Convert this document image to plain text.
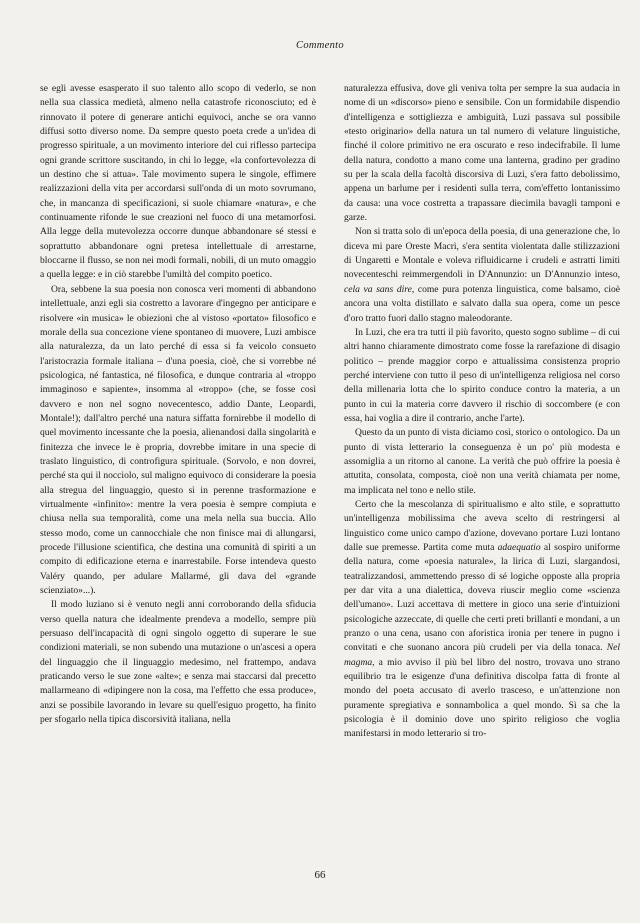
Commento

se egli avesse esasperato il suo talento allo scopo di vederlo, se non nella sua classica medietà, almeno nella catastrofe riconosciuto; ed è rinnovato il potere di generare antichi equivoci, anche se ora vanno diffusi sotto diverso nome. Da sempre questo poeta crede a un'idea di progresso spirituale, a un movimento interiore del cui riflesso partecipa ogni grande scrittore suscitando, in chi lo legge, «la confortevolezza di un destino che si attua». Tale movimento supera le singole, effimere realizzazioni della vita per accordarsi sull'onda di un moto sovrumano, che, in mancanza di specificazioni, si suole chiamare «natura», e che continuamente rifonde le sue creazioni nel fuoco di una metamorfosi. Alla legge della mutevolezza occorre dunque abbandonare sé stessi e soprattutto abbandonare ogni pretesa intellettuale di arrestarne, bloccarne il flusso, se non nei modi formali, nobili, di un muto omaggio a quella legge: e in ciò starebbe l'umiltà del compito poetico.

Ora, sebbene la sua poesia non conosca veri momenti di abbandono intellettuale, anzi egli sia costretto a lavorare d'ingegno per anticipare e risolvere «in musica» le obiezioni che al vistoso «portato» filosofico e morale della sua concezione viene spontaneo di muovere, Luzi ambisce alla naturalezza, da un lato perché di essa si fa veicolo consueto l'aristocrazia formale italiana – d'una poesia, cioè, che si vorrebbe né psicologica, né fantastica, né filosofica, e dunque contraria al «troppo immaginoso e sapiente», insomma al «troppo» (che, se fosse così davvero e non nel sogno novecentesco, addio Dante, Leopardi, Montale!); dall'altro perché una natura siffatta fornirebbe il modello di quel movimento incessante che la poesia, alienandosi dalla singolarità e finitezza che invece le è propria, dovrebbe imitare in una specie di traslato linguistico, di controfigura spirituale. (Sorvolo, e non dovrei, perché sta qui il nocciolo, sul maligno equivoco di considerare la poesia alla stregua del linguaggio, questo sì in perenne trasformazione e virtualmente «infinito»: mentre la vera poesia è sempre compiuta e chiusa nella sua temporalità, come una mela nella sua buccia. Allo stesso modo, come un cannocchiale che non finisce mai di allungarsi, procede l'illusione scientifica, che destina una comunità di spiriti a un compito di edificazione eterna e inarrestabile. Forse intendeva questo Valéry quando, per adulare Mallarmé, gli dava del «grande scienziato»...).

Il modo luziano si è venuto negli anni corroborando della sfiducia verso quella natura che idealmente prendeva a modello, sempre più persuaso dell'incapacità di ogni singolo oggetto di superare le sue condizioni materiali, se non subendo una mutazione o un'ascesi a opera del linguaggio che il linguaggio medesimo, nel frattempo, andava praticando verso le sue zone «alte»; e senza mai staccarsi dal precetto mallarmeano di «dipingere non la cosa, ma l'effetto che essa produce», anzi se possibile lavorando in levare su quell'esiguo progetto, ha finito per sfogarlo nella tipica discorsività italiana, nella

naturalezza effusiva, dove gli veniva tolta per sempre la sua audacia in nome di un «discorso» pieno e sensibile. Con un formidabile dispendio d'intelligenza e sottigliezza e ambiguità, Luzi passava sul possibile «testo originario» della natura un tal numero di velature linguistiche, finché il colore primitivo ne era oscurato e reso indecifrabile. Il lume della natura, condotto a mano come una lanterna, gradino per gradino su per la scala della facoltà discorsiva di Luzi, s'era fatto debolissimo, appena un barlume per i residenti sulla terra, com'effetto lontanissimo da causa: una voce costretta a trapassare diecimila bavagli tamponi e garze.

Non si tratta solo di un'epoca della poesia, di una generazione che, lo diceva mi pare Oreste Macrì, s'era sentita violentata dalle stilizzazioni di Ungaretti e Montale e voleva rifluidicarne i crudeli e astratti limiti novecenteschi reimmergendoli in D'Annunzio: un D'Annunzio inteso, cela va sans dire, come pura potenza linguistica, come balsamo, cioè ancora una volta distillato e salvato dalla sua opera, come un pesce d'oro tratto fuori dallo stagno maleodorante.

In Luzi, che era tra tutti il più favorito, questo sogno sublime – di cui altri hanno chiaramente dimostrato come fosse la rarefazione di disagio politico – prende maggior corpo e attualissima consistenza proprio perché interviene con tutto il peso di un'intelligenza religiosa nel corso della millenaria lotta che lo spirito conduce contro la materia, a un punto in cui la materia corre davvero il rischio di soccombere (e con essa, hai voglia a dire il contrario, anche l'arte).

Questo da un punto di vista diciamo così, storico o ontologico. Da un punto di vista letterario la conseguenza è un po' più modesta e assomiglia a un ritorno al canone. La verità che può offrire la poesia è attutita, consolata, composta, cioè non una verità chiamata per nome, ma implicata nel tono e nello stile.

Certo che la mescolanza di spiritualismo e alto stile, e soprattutto un'intelligenza mobilissima che aveva scelto di restringersi al linguistico come unico campo d'azione, dovevano portare Luzi lontano dalle sue premesse. Partita come muta adaequatio al sospiro uniforme della natura, come «poesia naturale», la lirica di Luzi, slargandosi, teatralizzandosi, ammettendo presso di sé logiche opposte alla propria per dar vita a una dialettica, doveva riuscir meglio come «scienza dell'umano». Luzi accettava di mettere in gioco una serie d'intuizioni psicologiche azzeccate, di quelle che certi preti brillanti e mondani, a un pranzo o una cena, usano con aforistica ironia per tenere in pugno i convitati e che suonano ancora più crudeli per via della tonaca. Nel magma, a mio avviso il più bel libro del nostro, trovava uno strano equilibrio tra le esigenze d'una definitiva discolpa fatta di fronte al mondo del poeta accusato di averlo trasceso, e un'attenzione non puramente spregiativa e sonnambolica a quel mondo. Sì sa che la psicologia è il dominio dove uno spirito religioso che voglia manifestarsi in modo letterario si tro-

66
